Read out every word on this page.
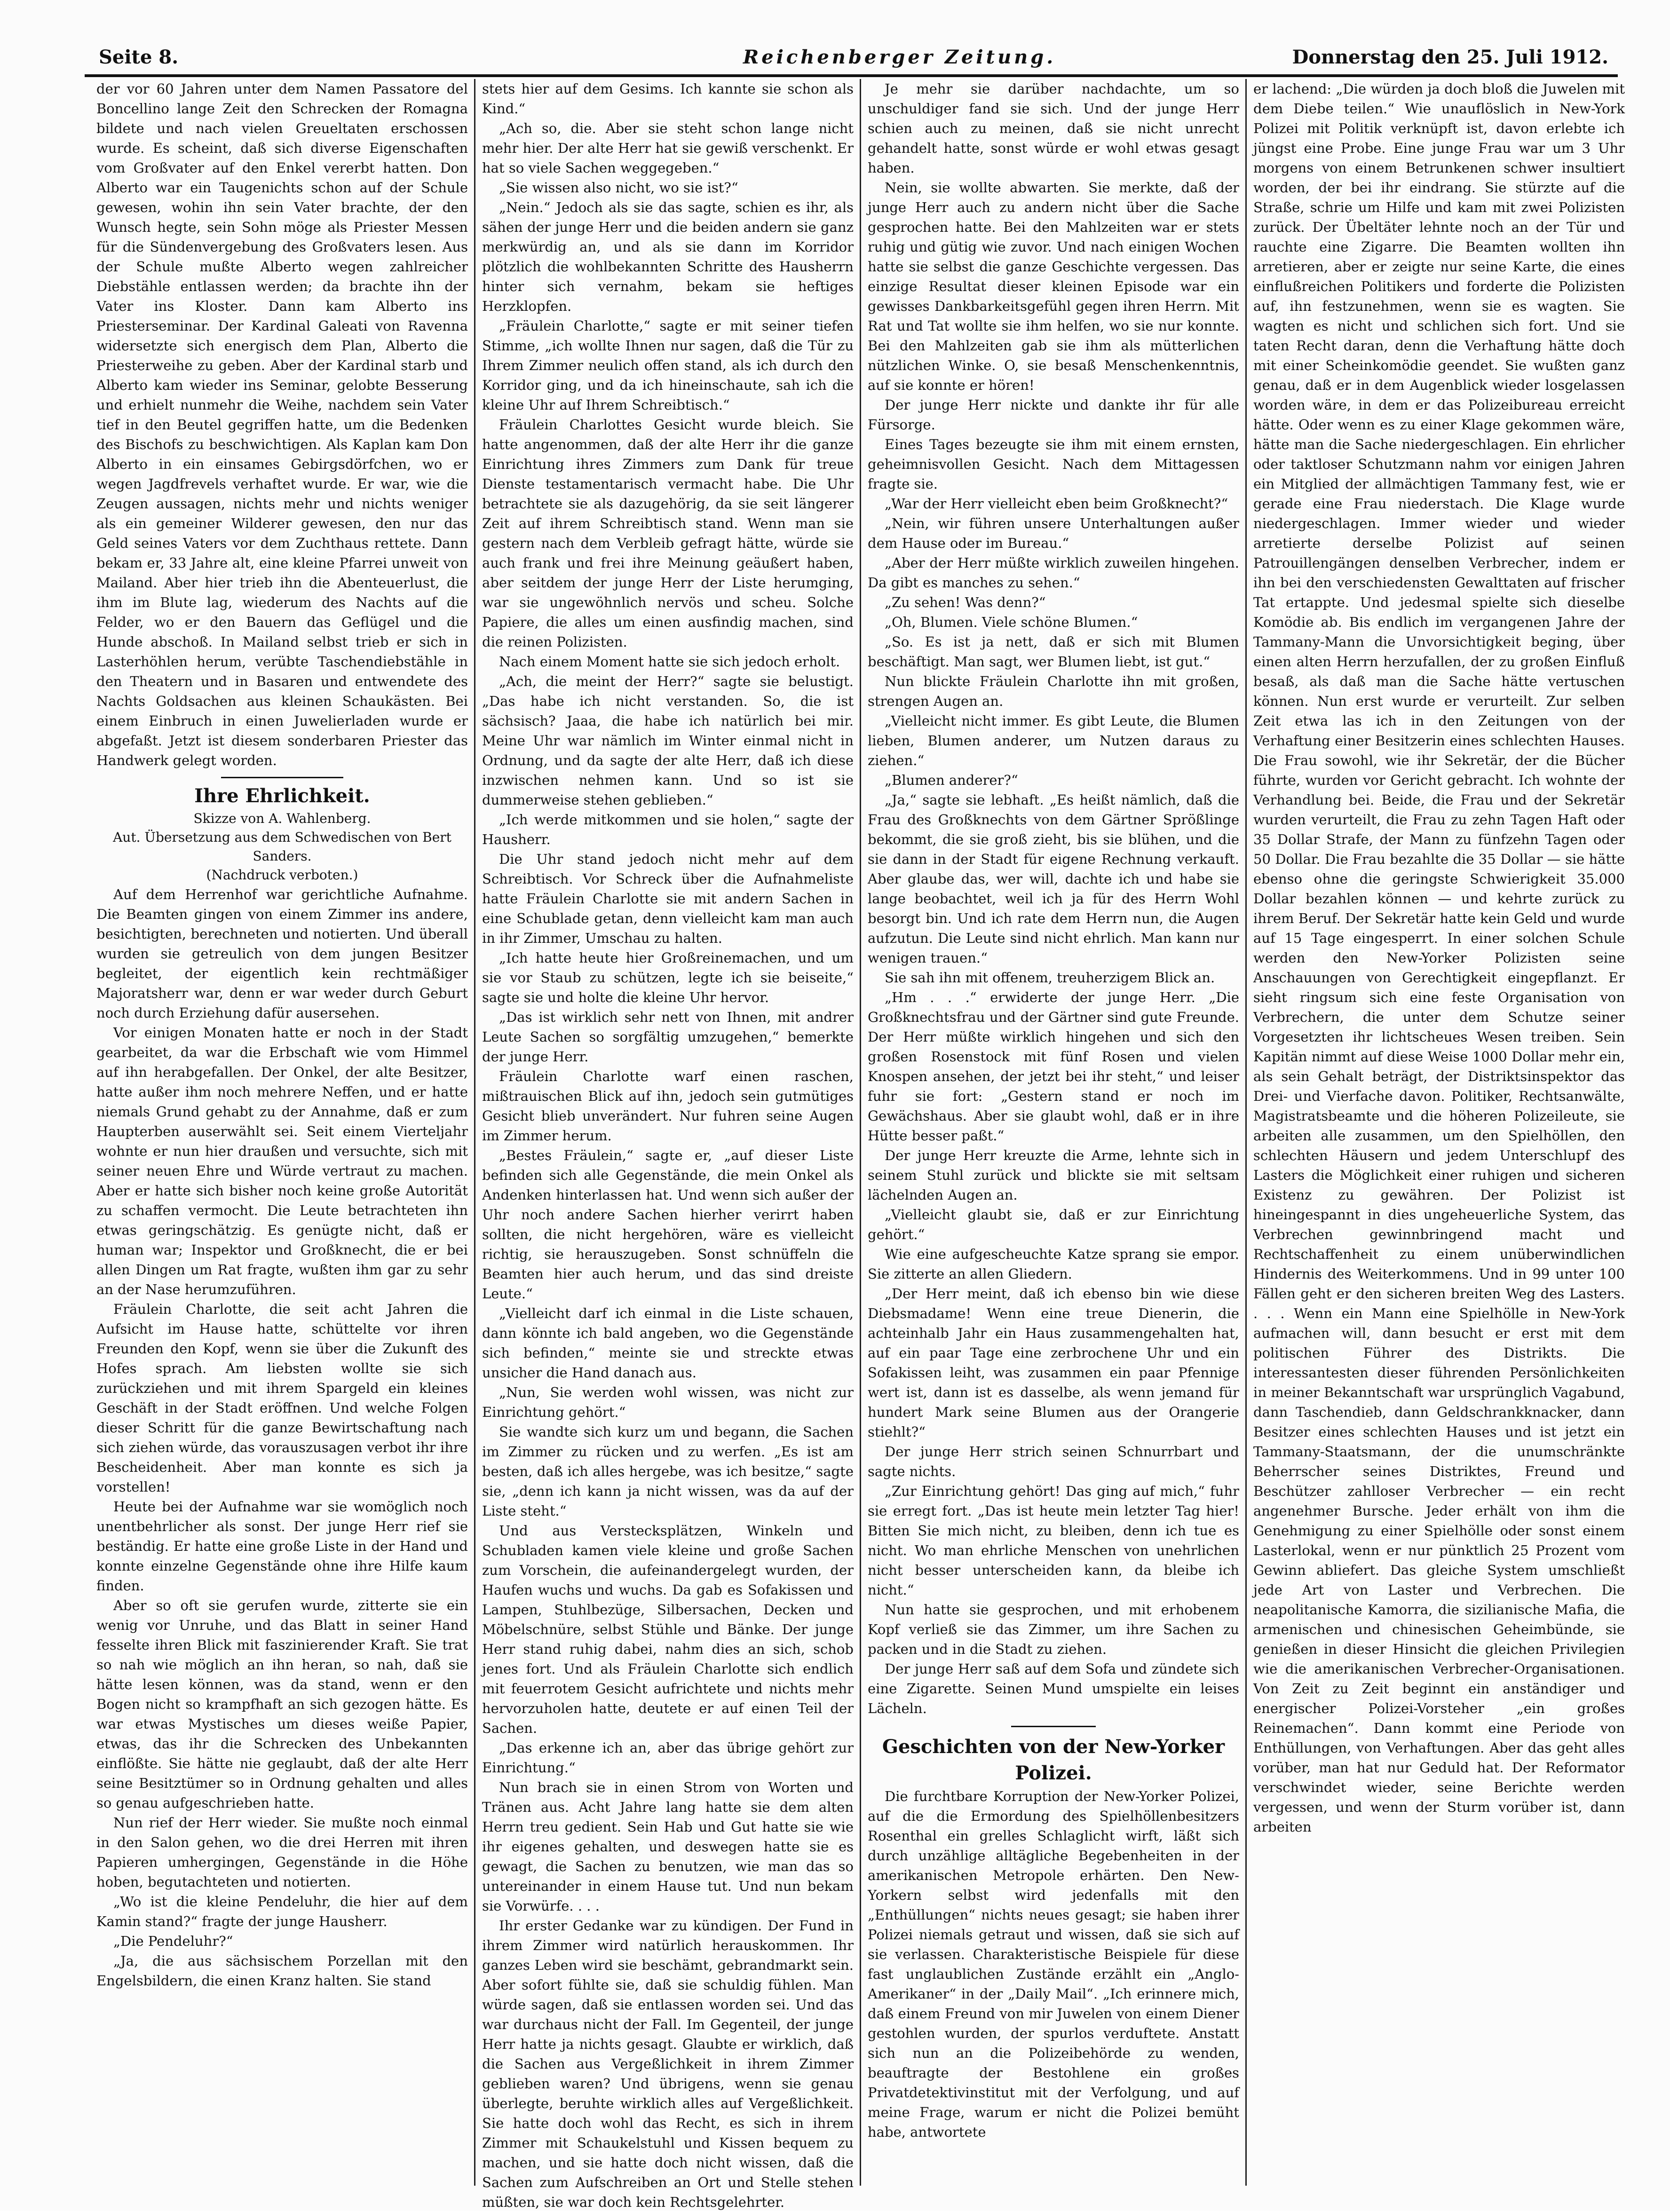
Seite 8.	Reichenberger Zeitung.	Donnerstag den 25. Juli 1912.

der vor 60 Jahren unter dem Namen Passatore del Boncellino lange Zeit den Schrecken der Romagna bildete und nach vielen Greueltaten erschossen wurde. Es scheint, daß sich diverse Eigenschaften vom Großvater auf den Enkel vererbt hatten. Don Alberto war ein Taugenichts schon auf der Schule gewesen, wohin ihn sein Vater brachte, der den Wunsch hegte, sein Sohn möge als Priester Messen für die Sündenvergebung des Großvaters lesen. Aus der Schule mußte Alberto wegen zahlreicher Diebstähle entlassen werden; da brachte ihn der Vater ins Kloster. Dann kam Alberto ins Priesterseminar. Der Kardinal Galeati von Ravenna widersetzte sich energisch dem Plan, Alberto die Priesterweihe zu geben. Aber der Kardinal starb und Alberto kam wieder ins Seminar, gelobte Besserung und erhielt nunmehr die Weihe, nachdem sein Vater tief in den Beutel gegriffen hatte, um die Bedenken des Bischofs zu beschwichtigen. Als Kaplan kam Don Alberto in ein einsames Gebirgsdörfchen, wo er wegen Jagdfrevels verhaftet wurde. Er war, wie die Zeugen aussagen, nichts mehr und nichts weniger als ein gemeiner Wilderer gewesen, den nur das Geld seines Vaters vor dem Zuchthaus rettete. Dann bekam er, 33 Jahre alt, eine kleine Pfarrei unweit von Mailand. Aber hier trieb ihn die Abenteuerlust, die ihm im Blute lag, wiederum des Nachts auf die Felder, wo er den Bauern das Geflügel und die Hunde abschoß. In Mailand selbst trieb er sich in Lasterhöhlen herum, verübte Taschendiebstähle in den Theatern und in Basaren und entwendete des Nachts Goldsachen aus kleinen Schaukästen. Bei einem Einbruch in einen Juwelierladen wurde er abgefaßt. Jetzt ist diesem sonderbaren Priester das Handwerk gelegt worden.

Ihre Ehrlichkeit.

Skizze von A. Wahlenberg.

Aut. Übersetzung aus dem Schwedischen von Bert Sanders.

(Nachdruck verboten.)

Auf dem Herrenhof war gerichtliche Aufnahme. Die Beamten gingen von einem Zimmer ins andere, besichtigten, berechneten und notierten. Und überall wurden sie getreulich von dem jungen Besitzer begleitet, der eigentlich kein rechtmäßiger Majoratsherr war, denn er war weder durch Geburt noch durch Erziehung dafür ausersehen.

Vor einigen Monaten hatte er noch in der Stadt gearbeitet, da war die Erbschaft wie vom Himmel auf ihn herabgefallen. Der Onkel, der alte Besitzer, hatte außer ihm noch mehrere Neffen, und er hatte niemals Grund gehabt zu der Annahme, daß er zum Haupterben auserwählt sei. Seit einem Vierteljahr wohnte er nun hier draußen und versuchte, sich mit seiner neuen Ehre und Würde vertraut zu machen. Aber er hatte sich bisher noch keine große Autorität zu schaffen vermocht. Die Leute betrachteten ihn etwas geringschätzig. Es genügte nicht, daß er human war; Inspektor und Großknecht, die er bei allen Dingen um Rat fragte, wußten ihm gar zu sehr an der Nase herumzuführen.

Fräulein Charlotte, die seit acht Jahren die Aufsicht im Hause hatte, schüttelte vor ihren Freunden den Kopf, wenn sie über die Zukunft des Hofes sprach. Am liebsten wollte sie sich zurückziehen und mit ihrem Spargeld ein kleines Geschäft in der Stadt eröffnen. Und welche Folgen dieser Schritt für die ganze Bewirtschaftung nach sich ziehen würde, das vorauszusagen verbot ihr ihre Bescheidenheit. Aber man konnte es sich ja vorstellen!

Heute bei der Aufnahme war sie womöglich noch unentbehrlicher als sonst. Der junge Herr rief sie beständig. Er hatte eine große Liste in der Hand und konnte einzelne Gegenstände ohne ihre Hilfe kaum finden.

Aber so oft sie gerufen wurde, zitterte sie ein wenig vor Unruhe, und das Blatt in seiner Hand fesselte ihren Blick mit faszinierender Kraft. Sie trat so nah wie möglich an ihn heran, so nah, daß sie hätte lesen können, was da stand, wenn er den Bogen nicht so krampfhaft an sich gezogen hätte. Es war etwas Mystisches um dieses weiße Papier, etwas, das ihr die Schrecken des Unbekannten einflößte. Sie hätte nie geglaubt, daß der alte Herr seine Besitztümer so in Ordnung gehalten und alles so genau aufgeschrieben hatte.

Nun rief der Herr wieder. Sie mußte noch einmal in den Salon gehen, wo die drei Herren mit ihren Papieren umhergingen, Gegenstände in die Höhe hoben, begutachteten und notierten.

„Wo ist die kleine Pendeluhr, die hier auf dem Kamin stand?“ fragte der junge Hausherr.

„Die Pendeluhr?“

„Ja, die aus sächsischem Porzellan mit den Engelsbildern, die einen Kranz halten. Sie stand

stets hier auf dem Gesims. Ich kannte sie schon als Kind.“

„Ach so, die. Aber sie steht schon lange nicht mehr hier. Der alte Herr hat sie gewiß verschenkt. Er hat so viele Sachen weggegeben.“

„Sie wissen also nicht, wo sie ist?“

„Nein.“ Jedoch als sie das sagte, schien es ihr, als sähen der junge Herr und die beiden andern sie ganz merkwürdig an, und als sie dann im Korridor plötzlich die wohlbekannten Schritte des Hausherrn hinter sich vernahm, bekam sie heftiges Herzklopfen.

„Fräulein Charlotte,“ sagte er mit seiner tiefen Stimme, „ich wollte Ihnen nur sagen, daß die Tür zu Ihrem Zimmer neulich offen stand, als ich durch den Korridor ging, und da ich hineinschaute, sah ich die kleine Uhr auf Ihrem Schreibtisch.“

Fräulein Charlottes Gesicht wurde bleich. Sie hatte angenommen, daß der alte Herr ihr die ganze Einrichtung ihres Zimmers zum Dank für treue Dienste testamentarisch vermacht habe. Die Uhr betrachtete sie als dazugehörig, da sie seit längerer Zeit auf ihrem Schreibtisch stand. Wenn man sie gestern nach dem Verbleib gefragt hätte, würde sie auch frank und frei ihre Meinung geäußert haben, aber seitdem der junge Herr der Liste herumging, war sie ungewöhnlich nervös und scheu. Solche Papiere, die alles um einen ausfindig machen, sind die reinen Polizisten.

Nach einem Moment hatte sie sich jedoch erholt.

„Ach, die meint der Herr?“ sagte sie belustigt. „Das habe ich nicht verstanden. So, die ist sächsisch? Jaaa, die habe ich natürlich bei mir. Meine Uhr war nämlich im Winter einmal nicht in Ordnung, und da sagte der alte Herr, daß ich diese inzwischen nehmen kann. Und so ist sie dummerweise stehen geblieben.“

„Ich werde mitkommen und sie holen,“ sagte der Hausherr.

Die Uhr stand jedoch nicht mehr auf dem Schreibtisch. Vor Schreck über die Aufnahmeliste hatte Fräulein Charlotte sie mit andern Sachen in eine Schublade getan, denn vielleicht kam man auch in ihr Zimmer, Umschau zu halten.

„Ich hatte heute hier Großreinemachen, und um sie vor Staub zu schützen, legte ich sie beiseite,“ sagte sie und holte die kleine Uhr hervor.

„Das ist wirklich sehr nett von Ihnen, mit andrer Leute Sachen so sorgfältig umzugehen,“ bemerkte der junge Herr.

Fräulein Charlotte warf einen raschen, mißtrauischen Blick auf ihn, jedoch sein gutmütiges Gesicht blieb unverändert. Nur fuhren seine Augen im Zimmer herum.

„Bestes Fräulein,“ sagte er, „auf dieser Liste befinden sich alle Gegenstände, die mein Onkel als Andenken hinterlassen hat. Und wenn sich außer der Uhr noch andere Sachen hierher verirrt haben sollten, die nicht hergehören, wäre es vielleicht richtig, sie herauszugeben. Sonst schnüffeln die Beamten hier auch herum, und das sind dreiste Leute.“

„Vielleicht darf ich einmal in die Liste schauen, dann könnte ich bald angeben, wo die Gegenstände sich befinden,“ meinte sie und streckte etwas unsicher die Hand danach aus.

„Nun, Sie werden wohl wissen, was nicht zur Einrichtung gehört.“

Sie wandte sich kurz um und begann, die Sachen im Zimmer zu rücken und zu werfen. „Es ist am besten, daß ich alles hergebe, was ich besitze,“ sagte sie, „denn ich kann ja nicht wissen, was da auf der Liste steht.“

Und aus Verstecksplätzen, Winkeln und Schubladen kamen viele kleine und große Sachen zum Vorschein, die aufeinandergelegt wurden, der Haufen wuchs und wuchs. Da gab es Sofakissen und Lampen, Stuhlbezüge, Silbersachen, Decken und Möbelschnüre, selbst Stühle und Bänke. Der junge Herr stand ruhig dabei, nahm dies an sich, schob jenes fort. Und als Fräulein Charlotte sich endlich mit feuerrotem Gesicht aufrichtete und nichts mehr hervorzuholen hatte, deutete er auf einen Teil der Sachen.

„Das erkenne ich an, aber das übrige gehört zur Einrichtung.“

Nun brach sie in einen Strom von Worten und Tränen aus. Acht Jahre lang hatte sie dem alten Herrn treu gedient. Sein Hab und Gut hatte sie wie ihr eigenes gehalten, und deswegen hatte sie es gewagt, die Sachen zu benutzen, wie man das so untereinander in einem Hause tut. Und nun bekam sie Vorwürfe. . . .

Ihr erster Gedanke war zu kündigen. Der Fund in ihrem Zimmer wird natürlich herauskommen. Ihr ganzes Leben wird sie beschämt, gebrandmarkt sein. Aber sofort fühlte sie, daß sie schuldig fühlen. Man würde sagen, daß sie entlassen worden sei. Und das war durchaus nicht der Fall. Im Gegenteil, der junge Herr hatte ja nichts gesagt. Glaubte er wirklich, daß die Sachen aus Vergeßlichkeit in ihrem Zimmer geblieben waren? Und übrigens, wenn sie genau überlegte, beruhte wirklich alles auf Vergeßlichkeit. Sie hatte doch wohl das Recht, es sich in ihrem Zimmer mit Schaukelstuhl und Kissen bequem zu machen, und sie hatte doch nicht wissen, daß die Sachen zum Aufschreiben an Ort und Stelle stehen müßten, sie war doch kein Rechtsgelehrter.

Je mehr sie darüber nachdachte, um so unschuldiger fand sie sich. Und der junge Herr schien auch zu meinen, daß sie nicht unrecht gehandelt hatte, sonst würde er wohl etwas gesagt haben.

Nein, sie wollte abwarten. Sie merkte, daß der junge Herr auch zu andern nicht über die Sache gesprochen hatte. Bei den Mahlzeiten war er stets ruhig und gütig wie zuvor. Und nach einigen Wochen hatte sie selbst die ganze Geschichte vergessen. Das einzige Resultat dieser kleinen Episode war ein gewisses Dankbarkeitsgefühl gegen ihren Herrn. Mit Rat und Tat wollte sie ihm helfen, wo sie nur konnte. Bei den Mahlzeiten gab sie ihm als mütterlichen nützlichen Winke. O, sie besaß Menschenkenntnis, auf sie konnte er hören!

Der junge Herr nickte und dankte ihr für alle Fürsorge.

Eines Tages bezeugte sie ihm mit einem ernsten, geheimnisvollen Gesicht. Nach dem Mittagessen fragte sie.

„War der Herr vielleicht eben beim Großknecht?“

„Nein, wir führen unsere Unterhaltungen außer dem Hause oder im Bureau.“

„Aber der Herr müßte wirklich zuweilen hingehen. Da gibt es manches zu sehen.“

„Zu sehen! Was denn?“

„Oh, Blumen. Viele schöne Blumen.“

„So. Es ist ja nett, daß er sich mit Blumen beschäftigt. Man sagt, wer Blumen liebt, ist gut.“

Nun blickte Fräulein Charlotte ihn mit großen, strengen Augen an.

„Vielleicht nicht immer. Es gibt Leute, die Blumen lieben, Blumen anderer, um Nutzen daraus zu ziehen.“

„Blumen anderer?“

„Ja,“ sagte sie lebhaft. „Es heißt nämlich, daß die Frau des Großknechts von dem Gärtner Sprößlinge bekommt, die sie groß zieht, bis sie blühen, und die sie dann in der Stadt für eigene Rechnung verkauft. Aber glaube das, wer will, dachte ich und habe sie lange beobachtet, weil ich ja für des Herrn Wohl besorgt bin. Und ich rate dem Herrn nun, die Augen aufzutun. Die Leute sind nicht ehrlich. Man kann nur wenigen trauen.“

Sie sah ihn mit offenem, treuherzigem Blick an.

„Hm . . .“ erwiderte der junge Herr. „Die Großknechtsfrau und der Gärtner sind gute Freunde. Der Herr müßte wirklich hingehen und sich den großen Rosenstock mit fünf Rosen und vielen Knospen ansehen, der jetzt bei ihr steht,“ und leiser fuhr sie fort: „Gestern stand er noch im Gewächshaus. Aber sie glaubt wohl, daß er in ihre Hütte besser paßt.“

Der junge Herr kreuzte die Arme, lehnte sich in seinem Stuhl zurück und blickte sie mit seltsam lächelnden Augen an.

„Vielleicht glaubt sie, daß er zur Einrichtung gehört.“

Wie eine aufgescheuchte Katze sprang sie empor. Sie zitterte an allen Gliedern.

„Der Herr meint, daß ich ebenso bin wie diese Diebsmadame! Wenn eine treue Dienerin, die achteinhalb Jahr ein Haus zusammengehalten hat, auf ein paar Tage eine zerbrochene Uhr und ein Sofakissen leiht, was zusammen ein paar Pfennige wert ist, dann ist es dasselbe, als wenn jemand für hundert Mark seine Blumen aus der Orangerie stiehlt?“

Der junge Herr strich seinen Schnurrbart und sagte nichts.

„Zur Einrichtung gehört! Das ging auf mich,“ fuhr sie erregt fort. „Das ist heute mein letzter Tag hier! Bitten Sie mich nicht, zu bleiben, denn ich tue es nicht. Wo man ehrliche Menschen von unehrlichen nicht besser unterscheiden kann, da bleibe ich nicht.“

Nun hatte sie gesprochen, und mit erhobenem Kopf verließ sie das Zimmer, um ihre Sachen zu packen und in die Stadt zu ziehen.

Der junge Herr saß auf dem Sofa und zündete sich eine Zigarette. Seinen Mund umspielte ein leises Lächeln.

Geschichten von der New-Yorker Polizei.

Die furchtbare Korruption der New-Yorker Polizei, auf die die Ermordung des Spielhöllenbesitzers Rosenthal ein grelles Schlaglicht wirft, läßt sich durch unzählige alltägliche Begebenheiten in der amerikanischen Metropole erhärten. Den New-Yorkern selbst wird jedenfalls mit den „Enthüllungen“ nichts neues gesagt; sie haben ihrer Polizei niemals getraut und wissen, daß sie sich auf sie verlassen. Charakteristische Beispiele für diese fast unglaublichen Zustände erzählt ein „Anglo-Amerikaner“ in der „Daily Mail“. „Ich erinnere mich, daß einem Freund von mir Juwelen von einem Diener gestohlen wurden, der spurlos verduftete. Anstatt sich nun an die Polizeibehörde zu wenden, beauftragte der Bestohlene ein großes Privatdetektivinstitut mit der Verfolgung, und auf meine Frage, warum er nicht die Polizei bemüht habe, antwortete

er lachend: „Die würden ja doch bloß die Juwelen mit dem Diebe teilen.“ Wie unauflöslich in New-York Polizei mit Politik verknüpft ist, davon erlebte ich jüngst eine Probe. Eine junge Frau war um 3 Uhr morgens von einem Betrunkenen schwer insultiert worden, der bei ihr eindrang. Sie stürzte auf die Straße, schrie um Hilfe und kam mit zwei Polizisten zurück. Der Übeltäter lehnte noch an der Tür und rauchte eine Zigarre. Die Beamten wollten ihn arretieren, aber er zeigte nur seine Karte, die eines einflußreichen Politikers und forderte die Polizisten auf, ihn festzunehmen, wenn sie es wagten. Sie wagten es nicht und schlichen sich fort. Und sie taten Recht daran, denn die Verhaftung hätte doch mit einer Scheinkomödie geendet. Sie wußten ganz genau, daß er in dem Augenblick wieder losgelassen worden wäre, in dem er das Polizeibureau erreicht hätte. Oder wenn es zu einer Klage gekommen wäre, hätte man die Sache niedergeschlagen. Ein ehrlicher oder taktloser Schutzmann nahm vor einigen Jahren ein Mitglied der allmächtigen Tammany fest, wie er gerade eine Frau niederstach. Die Klage wurde niedergeschlagen. Immer wieder und wieder arretierte derselbe Polizist auf seinen Patrouillengängen denselben Verbrecher, indem er ihn bei den verschiedensten Gewalttaten auf frischer Tat ertappte. Und jedesmal spielte sich dieselbe Komödie ab. Bis endlich im vergangenen Jahre der Tammany-Mann die Unvorsichtigkeit beging, über einen alten Herrn herzufallen, der zu großen Einfluß besaß, als daß man die Sache hätte vertuschen können. Nun erst wurde er verurteilt. Zur selben Zeit etwa las ich in den Zeitungen von der Verhaftung einer Besitzerin eines schlechten Hauses. Die Frau sowohl, wie ihr Sekretär, der die Bücher führte, wurden vor Gericht gebracht. Ich wohnte der Verhandlung bei. Beide, die Frau und der Sekretär wurden verurteilt, die Frau zu zehn Tagen Haft oder 35 Dollar Strafe, der Mann zu fünfzehn Tagen oder 50 Dollar. Die Frau bezahlte die 35 Dollar — sie hätte ebenso ohne die geringste Schwierigkeit 35.000 Dollar bezahlen können — und kehrte zurück zu ihrem Beruf. Der Sekretär hatte kein Geld und wurde auf 15 Tage eingesperrt. In einer solchen Schule werden den New-Yorker Polizisten seine Anschauungen von Gerechtigkeit eingepflanzt. Er sieht ringsum sich eine feste Organisation von Verbrechern, die unter dem Schutze seiner Vorgesetzten ihr lichtscheues Wesen treiben. Sein Kapitän nimmt auf diese Weise 1000 Dollar mehr ein, als sein Gehalt beträgt, der Distriktsinspektor das Drei- und Vierfache davon. Politiker, Rechtsanwälte, Magistratsbeamte und die höheren Polizeileute, sie arbeiten alle zusammen, um den Spielhöllen, den schlechten Häusern und jedem Unterschlupf des Lasters die Möglichkeit einer ruhigen und sicheren Existenz zu gewähren. Der Polizist ist hineingespannt in dies ungeheuerliche System, das Verbrechen gewinnbringend macht und Rechtschaffenheit zu einem unüberwindlichen Hindernis des Weiterkommens. Und in 99 unter 100 Fällen geht er den sicheren breiten Weg des Lasters. . . . Wenn ein Mann eine Spielhölle in New-York aufmachen will, dann besucht er erst mit dem politischen Führer des Distrikts. Die interessantesten dieser führenden Persönlichkeiten in meiner Bekanntschaft war ursprünglich Vagabund, dann Taschendieb, dann Geldschrankknacker, dann Besitzer eines schlechten Hauses und ist jetzt ein Tammany-Staatsmann, der die unumschränkte Beherrscher seines Distriktes, Freund und Beschützer zahlloser Verbrecher — ein recht angenehmer Bursche. Jeder erhält von ihm die Genehmigung zu einer Spielhölle oder sonst einem Lasterlokal, wenn er nur pünktlich 25 Prozent vom Gewinn abliefert. Das gleiche System umschließt jede Art von Laster und Verbrechen. Die neapolitanische Kamorra, die sizilianische Mafia, die armenischen und chinesischen Geheimbünde, sie genießen in dieser Hinsicht die gleichen Privilegien wie die amerikanischen Verbrecher-Organisationen. Von Zeit zu Zeit beginnt ein anständiger und energischer Polizei-Vorsteher „ein großes Reinemachen“. Dann kommt eine Periode von Enthüllungen, von Verhaftungen. Aber das geht alles vorüber, man hat nur Geduld hat. Der Reformator verschwindet wieder, seine Berichte werden vergessen, und wenn der Sturm vorüber ist, dann arbeiten
